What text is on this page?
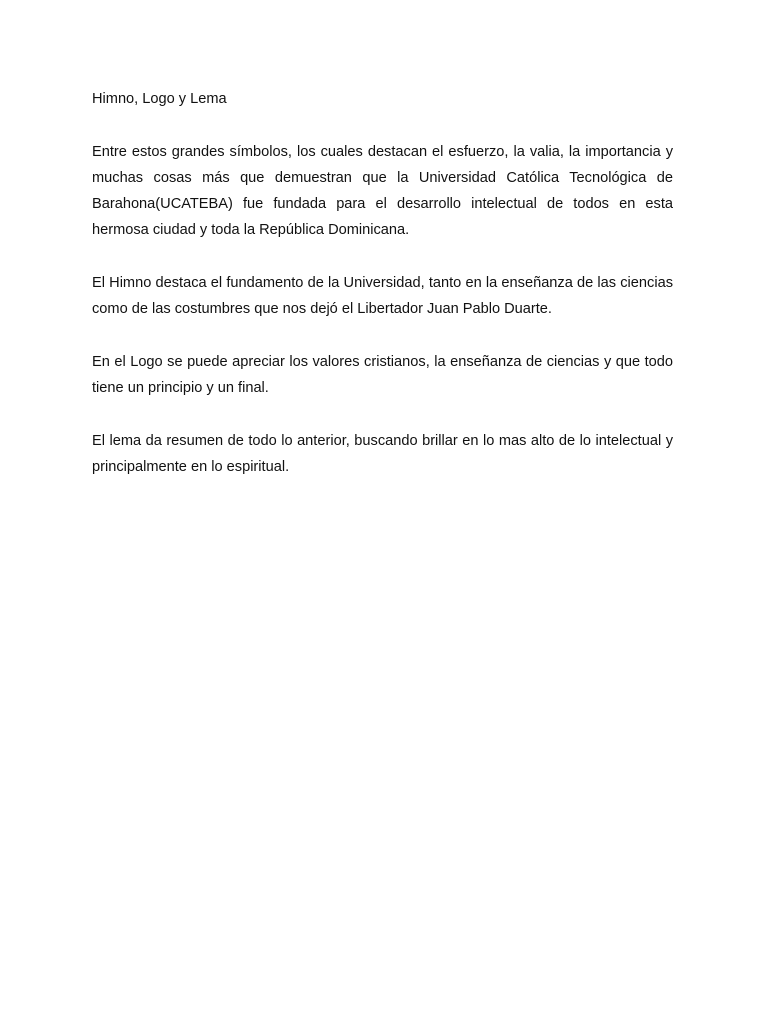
Himno, Logo y Lema

Entre estos grandes símbolos, los cuales destacan el esfuerzo, la valia, la importancia y muchas cosas más que demuestran que la Universidad Católica Tecnológica de Barahona(UCATEBA) fue fundada para el desarrollo intelectual de todos en esta hermosa ciudad y toda la República Dominicana.

El Himno destaca el fundamento de la Universidad, tanto en la enseñanza de las ciencias como de las costumbres que nos dejó el Libertador Juan Pablo Duarte.

En el Logo se puede apreciar los valores cristianos, la enseñanza de ciencias y que todo tiene un principio y un final.

El lema da resumen de todo lo anterior, buscando brillar en lo mas alto de lo intelectual y principalmente en lo espiritual.
